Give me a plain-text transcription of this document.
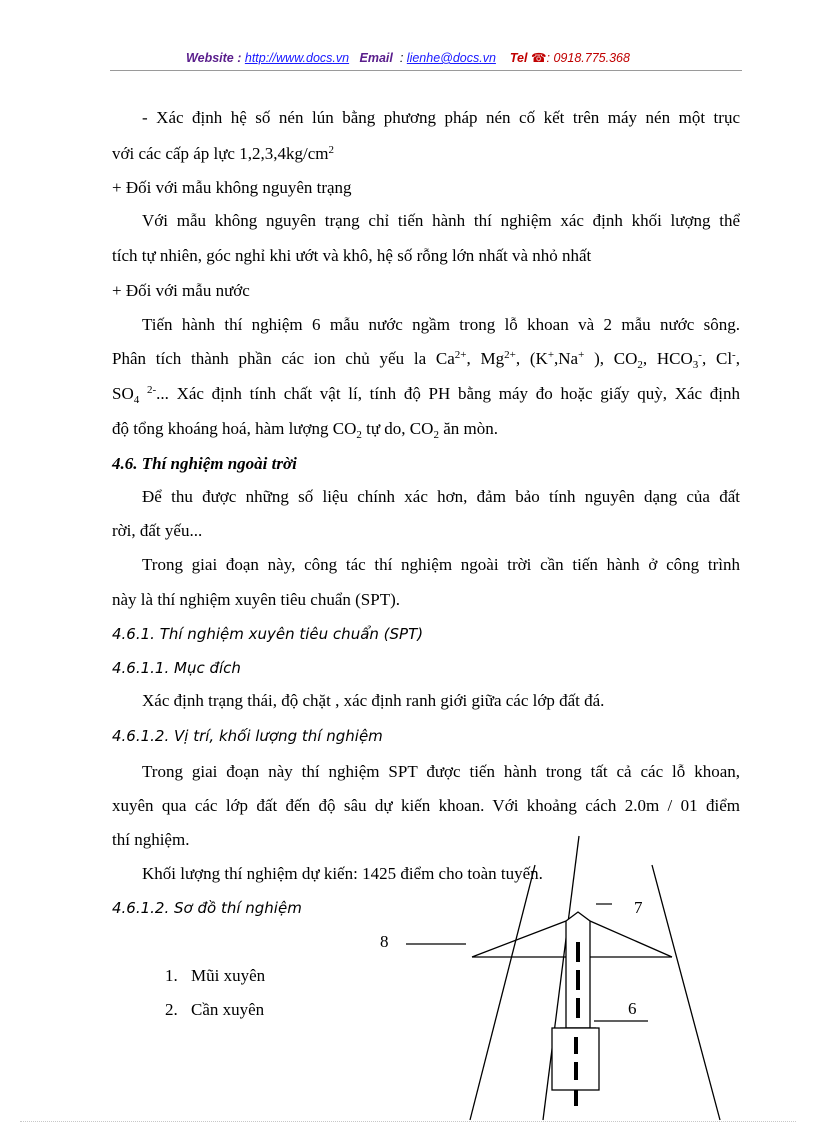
Website : http://www.docs.vn Email : lienhe@docs.vn Tel ☎: 0918.775.368
- Xác định hệ số nén lún bằng phương pháp nén cố kết trên máy nén một trục
với các cấp áp lực $1,2,3,4kg/cm^2$
+ Đối với mẫu không nguyên trạng
Với mẫu không nguyên trạng chỉ tiến hành thí nghiệm xác định khối lượng thể
tích tự nhiên, góc nghỉ khi ướt và khô, hệ số rỗng lớn nhất và nhỏ nhất
+ Đối với mẫu nước
Tiến hành thí nghiệm 6 mẫu nước ngầm trong lỗ khoan và 2 mẫu nước sông.
Phân tích thành phần các ion chủ yếu la $Ca^{2+}$, $Mg^{2+}$, (K+,Na+ ), $CO_2$, $HCO_3^-$, Cl-,
$SO_4$ $^{2-}$... Xác định tính chất vật lí, tính độ PH bằng máy đo hoặc giấy quỳ, Xác định
độ tổng khoáng hoá, hàm lượng $CO_2$ tự do, $CO_2$ ăn mòn.
4.6. Thí nghiệm ngoài trời
Để thu được những số liệu chính xác hơn, đảm bảo tính nguyên dạng của đất
rời, đất yếu...
Trong giai đoạn này, công tác thí nghiệm ngoài trời cần tiến hành ở công trình
này là thí nghiệm xuyên tiêu chuẩn (SPT).
4.6.1. Thí nghiệm xuyên tiêu chuẩn (SPT)
4.6.1.1. Mục đích
Xác định trạng thái, độ chặt , xác định ranh giới giữa các lớp đất đá.
4.6.1.2. Vị trí, khối lượng thí nghiệm
Trong giai đoạn này thí nghiệm SPT được tiến hành trong tất cả các lỗ khoan,
xuyên qua các lớp đất đến độ sâu dự kiến khoan. Với khoảng cách 2.0m / 01 điểm
thí nghiệm.
Khối lượng thí nghiệm dự kiến: 1425 điểm cho toàn tuyến.
4.6.1.2. Sơ đồ thí nghiệm
1. Mũi xuyên
2. Cần xuyên
7
8
6
